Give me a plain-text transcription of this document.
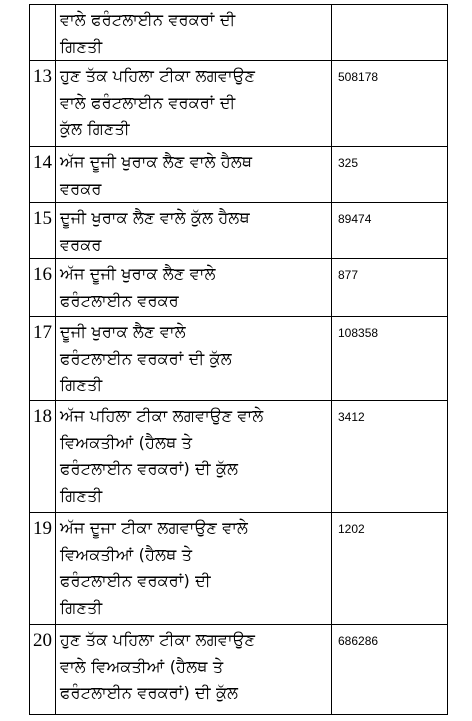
	ਵਾਲੇ ਫਰੰਟਲਾਈਨ ਵਰਕਰਾਂ ਦੀ
ਗਿਣਤੀ	
13	ਹੁਣ ਤੱਕ ਪਹਿਲਾ ਟੀਕਾ ਲਗਵਾਉਣ
ਵਾਲੇ ਫਰੰਟਲਾਈਨ ਵਰਕਰਾਂ ਦੀ
ਕੁੱਲ ਗਿਣਤੀ	508178
14	ਅੱਜ ਦੂਜੀ ਖੁਰਾਕ ਲੈਣ ਵਾਲੇ ਹੈਲਥ
ਵਰਕਰ	325
15	ਦੂਜੀ ਖੁਰਾਕ ਲੈਣ ਵਾਲੇ ਕੁੱਲ ਹੈਲਥ
ਵਰਕਰ	89474
16	ਅੱਜ ਦੂਜੀ ਖੁਰਾਕ ਲੈਣ ਵਾਲੇ
ਫਰੰਟਲਾਈਨ ਵਰਕਰ	877
17	ਦੂਜੀ ਖੁਰਾਕ ਲੈਣ ਵਾਲੇ
ਫਰੰਟਲਾਈਨ ਵਰਕਰਾਂ ਦੀ ਕੁੱਲ
ਗਿਣਤੀ	108358
18	ਅੱਜ ਪਹਿਲਾ ਟੀਕਾ ਲਗਵਾਉਣ ਵਾਲੇ
ਵਿਅਕਤੀਆਂ (ਹੈਲਥ ਤੇ
ਫਰੰਟਲਾਈਨ ਵਰਕਰਾਂ) ਦੀ ਕੁੱਲ
ਗਿਣਤੀ	3412
19	ਅੱਜ ਦੂਜਾ ਟੀਕਾ ਲਗਵਾਉਣ ਵਾਲੇ
ਵਿਅਕਤੀਆਂ (ਹੈਲਥ ਤੇ
ਫਰੰਟਲਾਈਨ ਵਰਕਰਾਂ) ਦੀ
ਗਿਣਤੀ	1202
20	ਹੁਣ ਤੱਕ ਪਹਿਲਾ ਟੀਕਾ ਲਗਵਾਉਣ
ਵਾਲੇ ਵਿਅਕਤੀਆਂ (ਹੈਲਥ ਤੇ
ਫਰੰਟਲਾਈਨ ਵਰਕਰਾਂ) ਦੀ ਕੁੱਲ	686286
